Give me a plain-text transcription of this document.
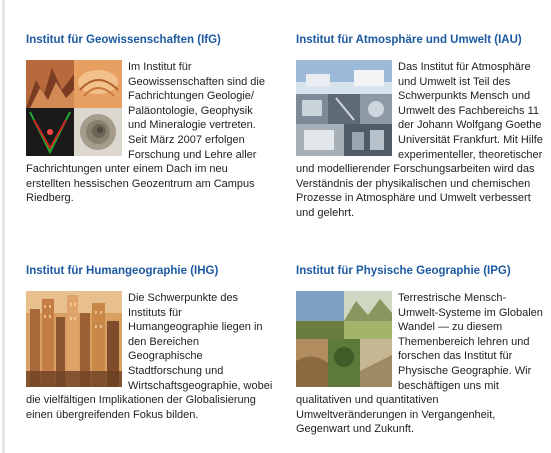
Institut für Geowissenschaften (IfG)
Im Institut für Geowissenschaften sind die Fachrichtungen Geologie/ Paläontologie, Geophysik und Mineralogie vertreten. Seit März 2007 erfolgen Forschung und Lehre aller Fachrichtungen unter einem Dach im neu erstellten hessischen Geozentrum am Campus Riedberg.
Institut für Atmosphäre und Umwelt (IAU)
Das Institut für Atmosphäre und Umwelt ist Teil des Schwerpunkts Mensch und Umwelt des Fachbereichs 11 der Johann Wolfgang Goethe Universität Frankfurt. Mit Hilfe experimenteller, theoretischer und modellierender Forschungsarbeiten wird das Verständnis der physikalischen und chemischen Prozesse in Atmosphäre und Umwelt verbessert und gelehrt.
Institut für Humangeographie (IHG)
Die Schwerpunkte des Instituts für Humangeographie liegen in den Bereichen Geographische Stadtforschung und Wirtschaftsgeographie, wobei die vielfältigen Implikationen der Globalisierung einen übergreifenden Fokus bilden.
Institut für Physische Geographie (IPG)
Terrestrische Mensch-Umwelt-Systeme im Globalen Wandel — zu diesem Themenbereich lehren und forschen das Institut für Physische Geographie. Wir beschäftigen uns mit qualitativen und quantitativen Umweltveränderungen in Vergangenheit, Gegenwart und Zukunft.
